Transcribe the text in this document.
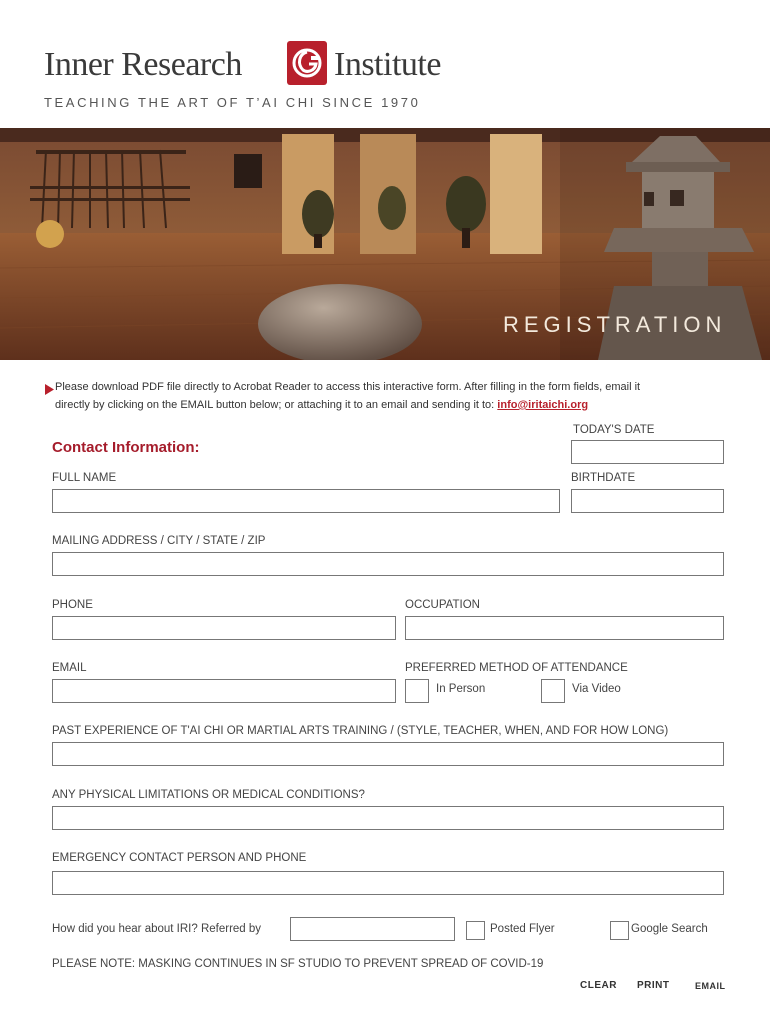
Inner Research	Institute
TEACHING THE ART OF T’AI CHI SINCE 1970
REGISTRATION
Please download PDF file directly to Acrobat Reader to access this interactive form. After filling in the form fields, email it
directly by clicking on the EMAIL button below; or attaching it to an email and sending it to: info@iritaichi.org
Contact Information:
TODAY'S DATE
FULL NAME	BIRTHDATE
MAILING ADDRESS / CITY / STATE / ZIP
PHONE	OCCUPATION
EMAIL	PREFERRED METHOD OF ATTENDANCE
In Person	Via Video
PAST EXPERIENCE OF T'AI CHI OR MARTIAL ARTS TRAINING / (STYLE, TEACHER, WHEN, AND FOR HOW LONG)
ANY PHYSICAL LIMITATIONS OR MEDICAL CONDITIONS?
EMERGENCY CONTACT PERSON AND PHONE
How did you hear about IRI? Referred by	Posted Flyer	Google Search
PLEASE NOTE: MASKING CONTINUES IN SF STUDIO TO PREVENT SPREAD OF COVID-19
CLEAR PRINT	EMAIL
